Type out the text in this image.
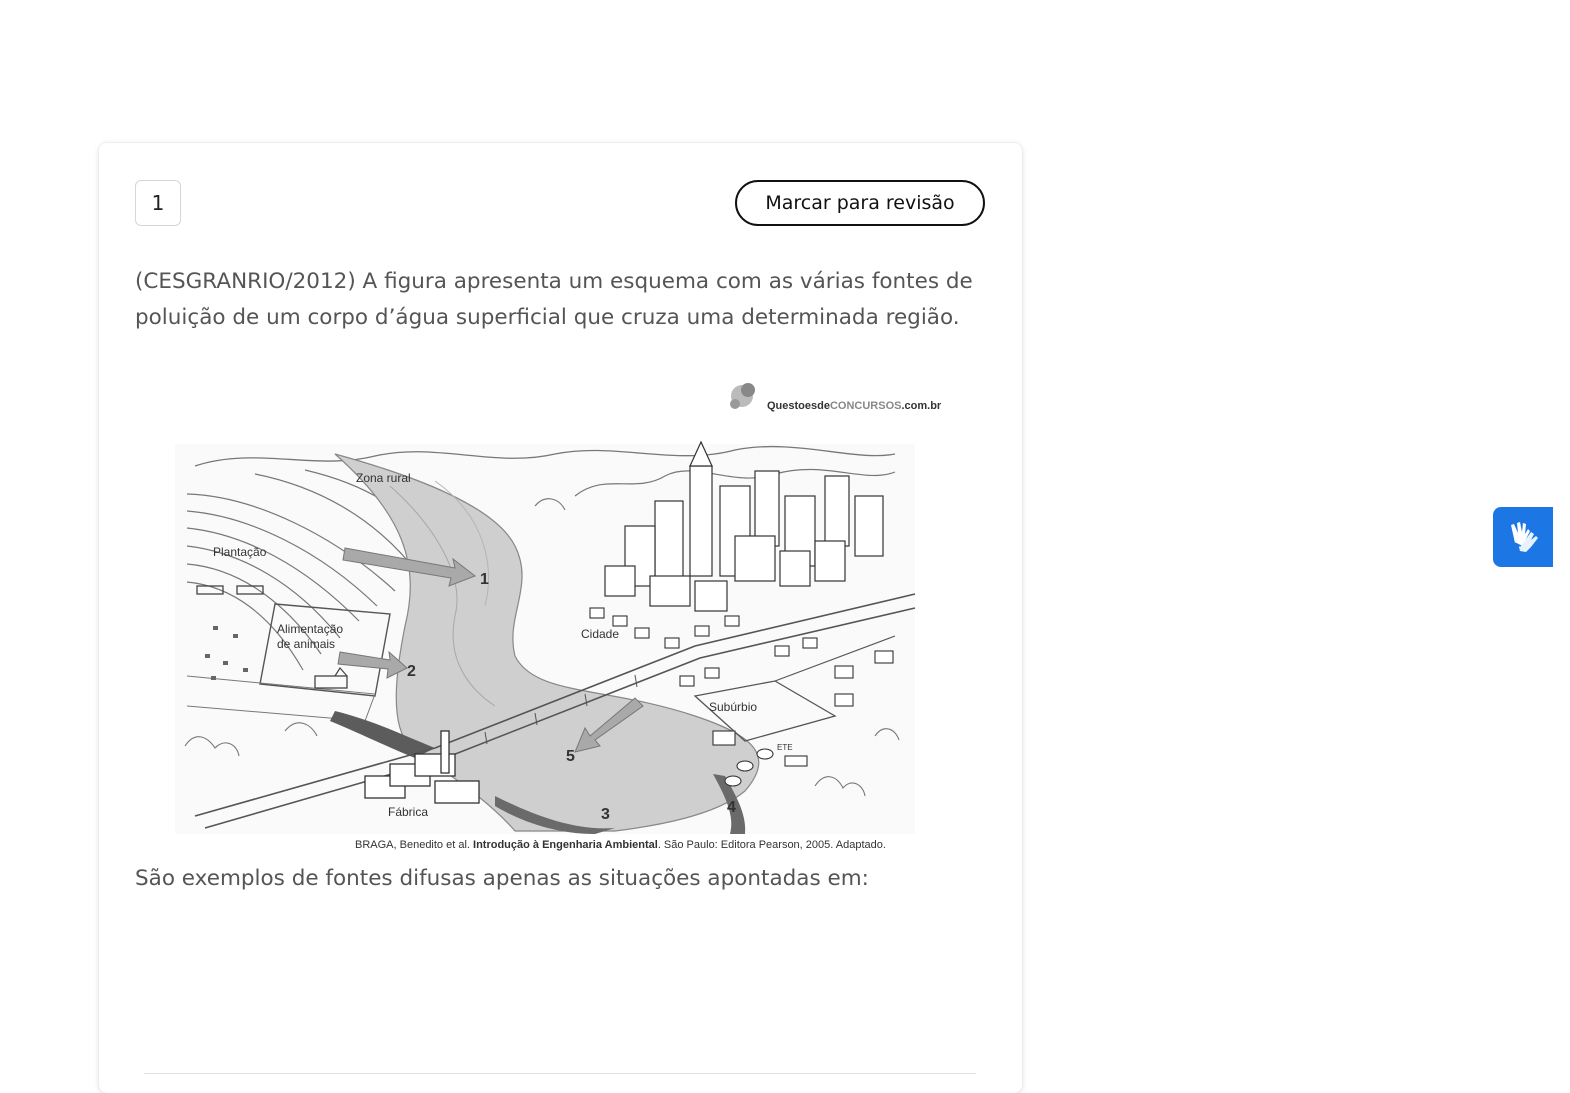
1	Marcar para revisão

(CESGRANRIO/2012) A figura apresenta um esquema com as várias fontes de poluição de um corpo d’água superficial que cruza uma determinada região.

QuestoesdeCONCURSOS.com.br
Zona rural
Plantação
Alimentação
de animais
Cidade
Subúrbio
Fábrica
ETE
1
2
3	4
5
BRAGA, Benedito et al. Introdução à Engenharia Ambiental. São Paulo: Editora Pearson, 2005. Adaptado.

São exemplos de fontes difusas apenas as situações apontadas em:
